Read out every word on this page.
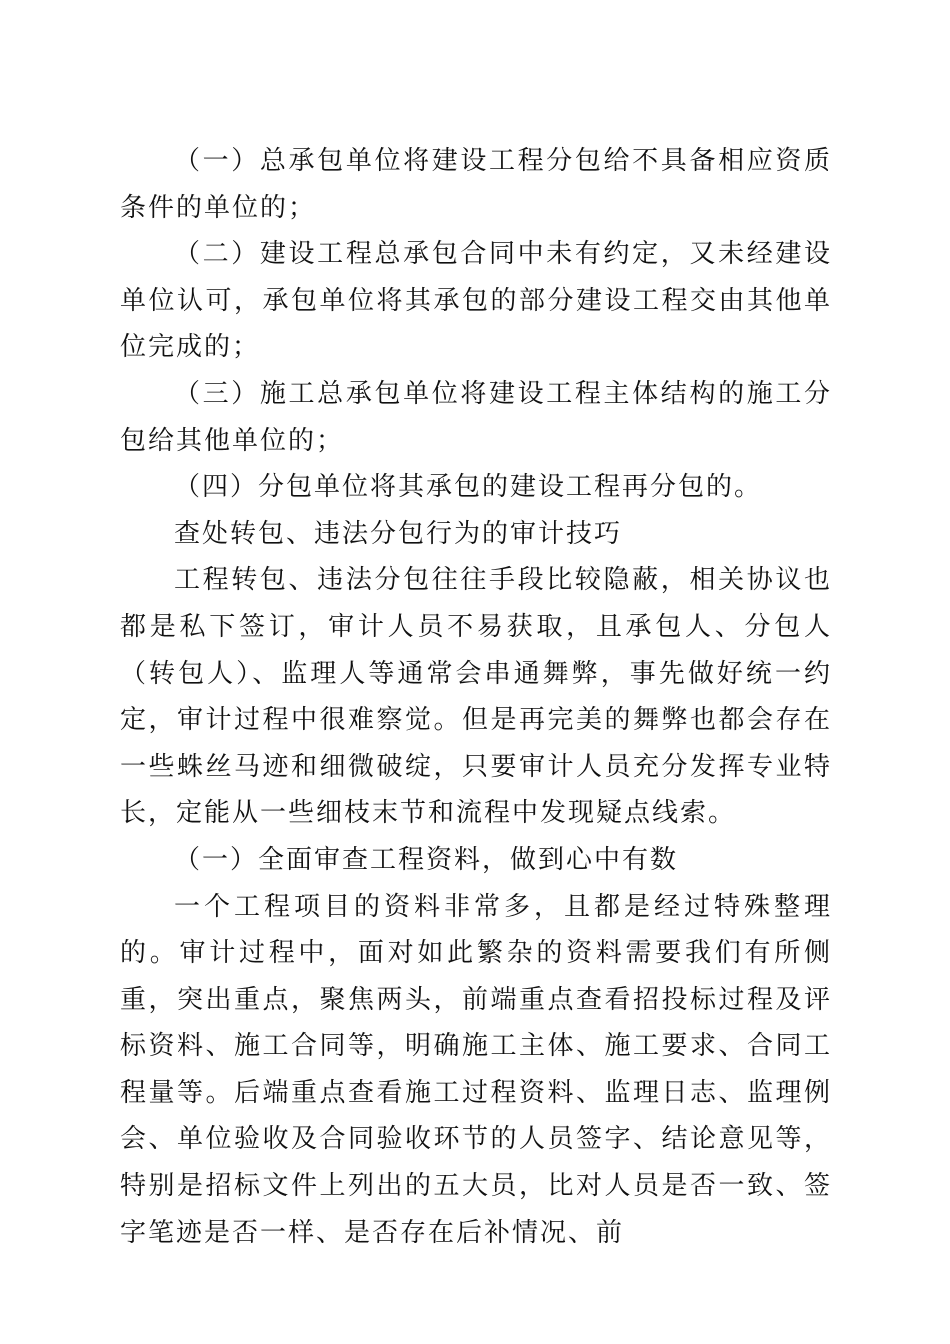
（一）总承包单位将建设工程分包给不具备相应资质条件的单位的；

（二）建设工程总承包合同中未有约定，又未经建设单位认可，承包单位将其承包的部分建设工程交由其他单位完成的；

（三）施工总承包单位将建设工程主体结构的施工分包给其他单位的；

（四）分包单位将其承包的建设工程再分包的。

查处转包、违法分包行为的审计技巧

工程转包、违法分包往往手段比较隐蔽，相关协议也都是私下签订，审计人员不易获取，且承包人、分包人（转包人）、监理人等通常会串通舞弊，事先做好统一约定，审计过程中很难察觉。但是再完美的舞弊也都会存在一些蛛丝马迹和细微破绽，只要审计人员充分发挥专业特长，定能从一些细枝末节和流程中发现疑点线索。

（一）全面审查工程资料，做到心中有数

一个工程项目的资料非常多，且都是经过特殊整理的。审计过程中，面对如此繁杂的资料需要我们有所侧重，突出重点，聚焦两头，前端重点查看招投标过程及评标资料、施工合同等，明确施工主体、施工要求、合同工程量等。后端重点查看施工过程资料、监理日志、监理例会、单位验收及合同验收环节的人员签字、结论意见等，特别是招标文件上列出的五大员，比对人员是否一致、签字笔迹是否一样、是否存在后补情况、前
